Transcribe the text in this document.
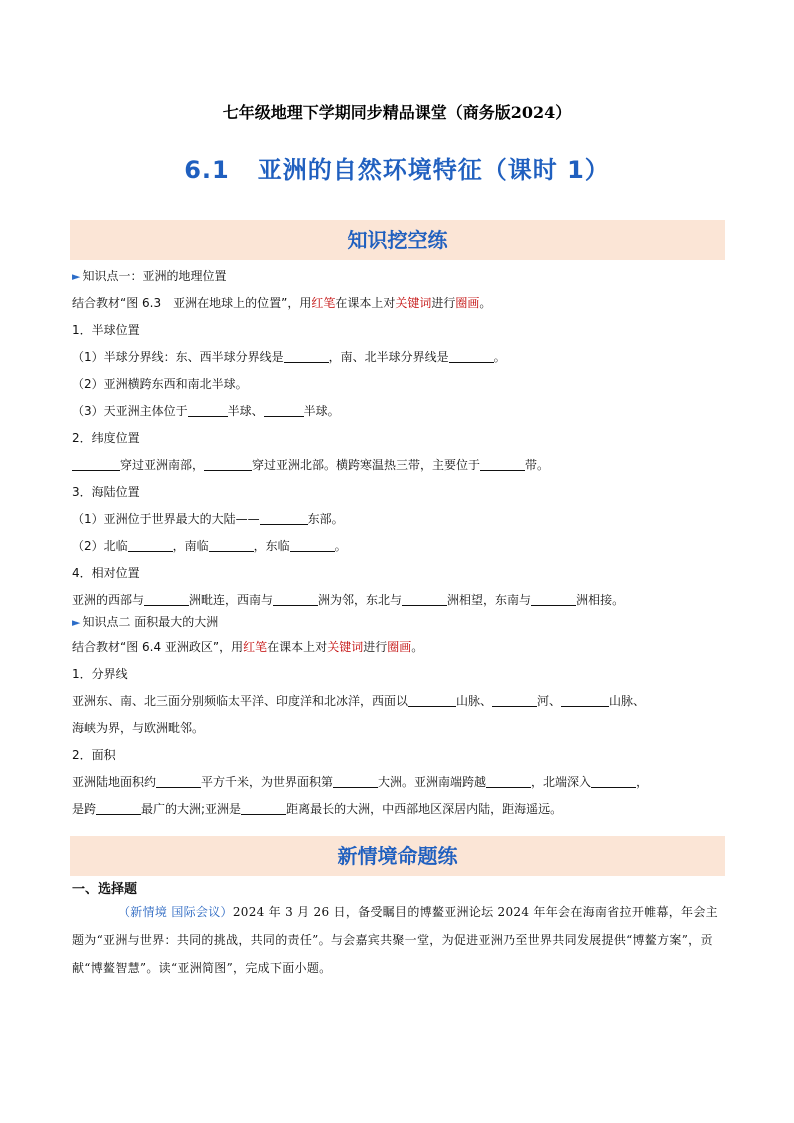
七年级地理下学期同步精品课堂（商务版2024）
6.1 亚洲的自然环境特征（课时 1）
知识挖空练
► 知识点一：亚洲的地理位置
结合教材“图 6.3　亚洲在地球上的位置”，用红笔在课本上对关键词进行圈画。
1．半球位置
（1）半球分界线：东、西半球分界线是	，南、北半球分界线是	。
（2）亚洲横跨东西和南北半球。
（3）天亚洲主体位于	半球、	半球。
2．纬度位置
穿过亚洲南部，	穿过亚洲北部。横跨寒温热三带，主要位于	带。
3．海陆位置
（1）亚洲位于世界最大的大陆——	东部。
（2）北临	，南临	，东临	。
4．相对位置
亚洲的西部与	洲毗连，西南与	洲为邻，东北与	洲相望，东南与	洲相接。
► 知识点二 面积最大的大洲
结合教材“图 6.4 亚洲政区”，用红笔在课本上对关键词进行圈画。
1．分界线
亚洲东、南、北三面分别频临太平洋、印度洋和北冰洋，西面以	山脉、	河、	山脉、
海峡为界，与欧洲毗邻。
2．面积
亚洲陆地面积约	平方千米，为世界面积第	大洲。亚洲南端跨越	，北端深入	，
是跨	最广的大洲;亚洲是	距离最长的大洲，中西部地区深居内陆，距海遥远。
新情境命题练
一、选择题
（新情境 国际会议）2024 年 3 月 26 日，备受瞩目的博鳌亚洲论坛 2024 年年会在海南省拉开帷幕，年会主题为“亚洲与世界：共同的挑战，共同的责任”。与会嘉宾共聚一堂，为促进亚洲乃至世界共同发展提供“博鳌方案”，贡献“博鳌智慧”。读“亚洲简图”，完成下面小题。
